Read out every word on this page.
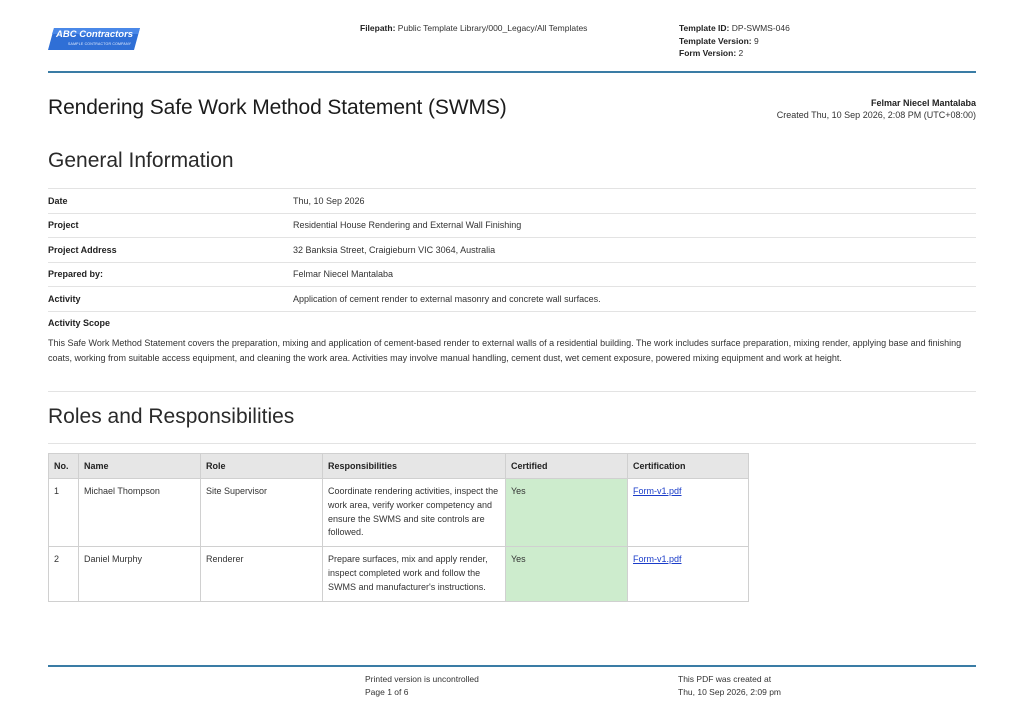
ABC Contractors
SAMPLE CONTRACTOR COMPANY
Filepath: Public Template Library/000_Legacy/All Templates	Template ID: DP-SWMS-046
Template Version: 9
Form Version: 2
Rendering Safe Work Method Statement (SWMS)	Felmar Niecel Mantalaba
Created Thu, 10 Sep 2026, 2:08 PM (UTC+08:00)
General Information
Date	Thu, 10 Sep 2026
Project	Residential House Rendering and External Wall Finishing
Project Address	32 Banksia Street, Craigieburn VIC 3064, Australia
Prepared by:	Felmar Niecel Mantalaba
Activity	Application of cement render to external masonry and concrete wall surfaces.
Activity Scope
This Safe Work Method Statement covers the preparation, mixing and application of cement-based render to external walls of a residential building. The work includes surface preparation, mixing render, applying base and finishing coats, working from suitable access equipment, and cleaning the work area. Activities may involve manual handling, cement dust, wet cement exposure, powered mixing equipment and work at height.
Roles and Responsibilities
No.	Name	Role	Responsibilities	Certified	Certification
1	Michael Thompson	Site Supervisor	Coordinate rendering activities, inspect the work area, verify worker competency and ensure the SWMS and site controls are followed.	Yes	Form-v1.pdf
2	Daniel Murphy	Renderer	Prepare surfaces, mix and apply render, inspect completed work and follow the SWMS and manufacturer's instructions.	Yes	Form-v1.pdf
Printed version is uncontrolled
Page 1 of 6
This PDF was created at
Thu, 10 Sep 2026, 2:09 pm
